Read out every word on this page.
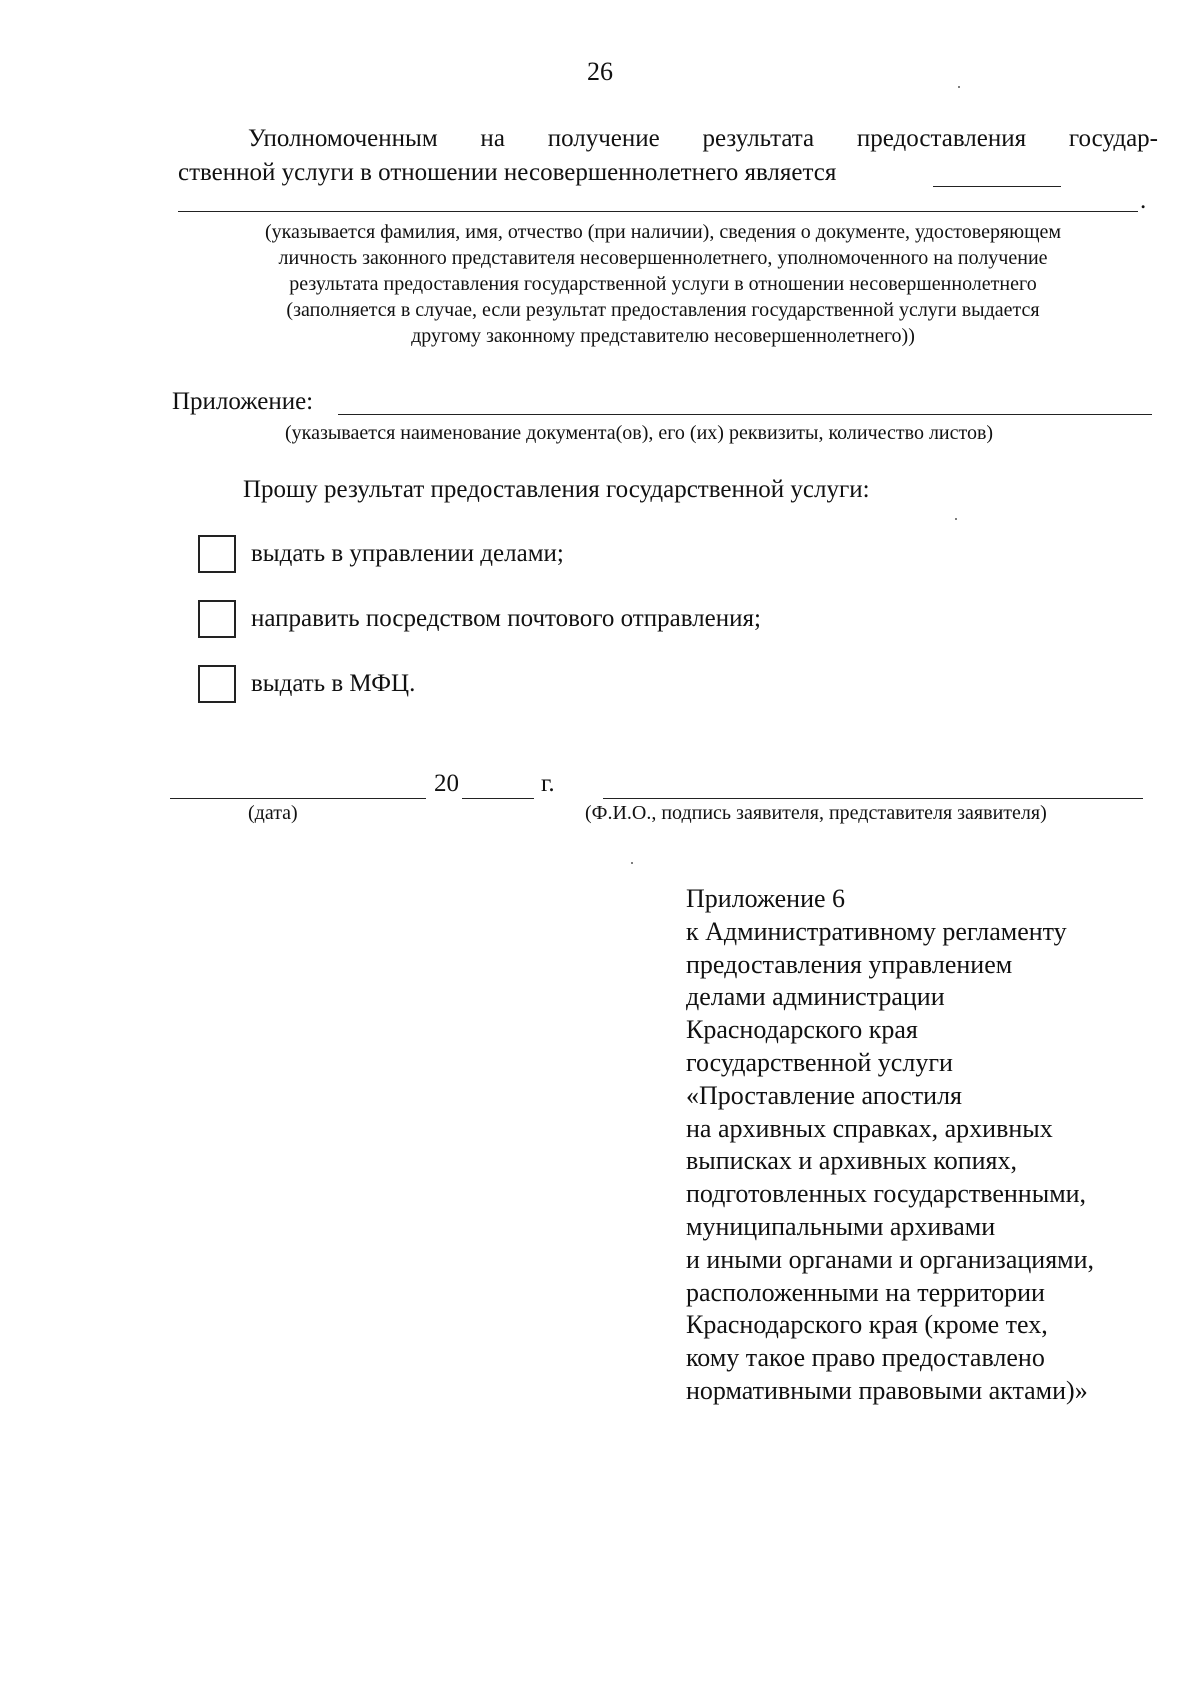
26
Уполномоченным на получение результата предоставления государ-
ственной услуги в отношении несовершеннолетнего является
.
(указывается фамилия, имя, отчество (при наличии), сведения о документе, удостоверяющем
личность законного представителя несовершеннолетнего, уполномоченного на получение
результата предоставления государственной услуги в отношении несовершеннолетнего
(заполняется в случае, если результат предоставления государственной услуги выдается
другому законному представителю несовершеннолетнего))
Приложение:
(указывается наименование документа(ов), его (их) реквизиты, количество листов)
Прошу результат предоставления государственной услуги:
выдать в управлении делами;
направить посредством почтового отправления;
выдать в МФЦ.
20	г.
(дата)	(Ф.И.О., подпись заявителя, представителя заявителя)
Приложение 6
к Административному регламенту
предоставления управлением
делами администрации
Краснодарского края
государственной услуги
«Проставление апостиля
на архивных справках, архивных
выписках и архивных копиях,
подготовленных государственными,
муниципальными архивами
и иными органами и организациями,
расположенными на территории
Краснодарского края (кроме тех,
кому такое право предоставлено
нормативными правовыми актами)»
